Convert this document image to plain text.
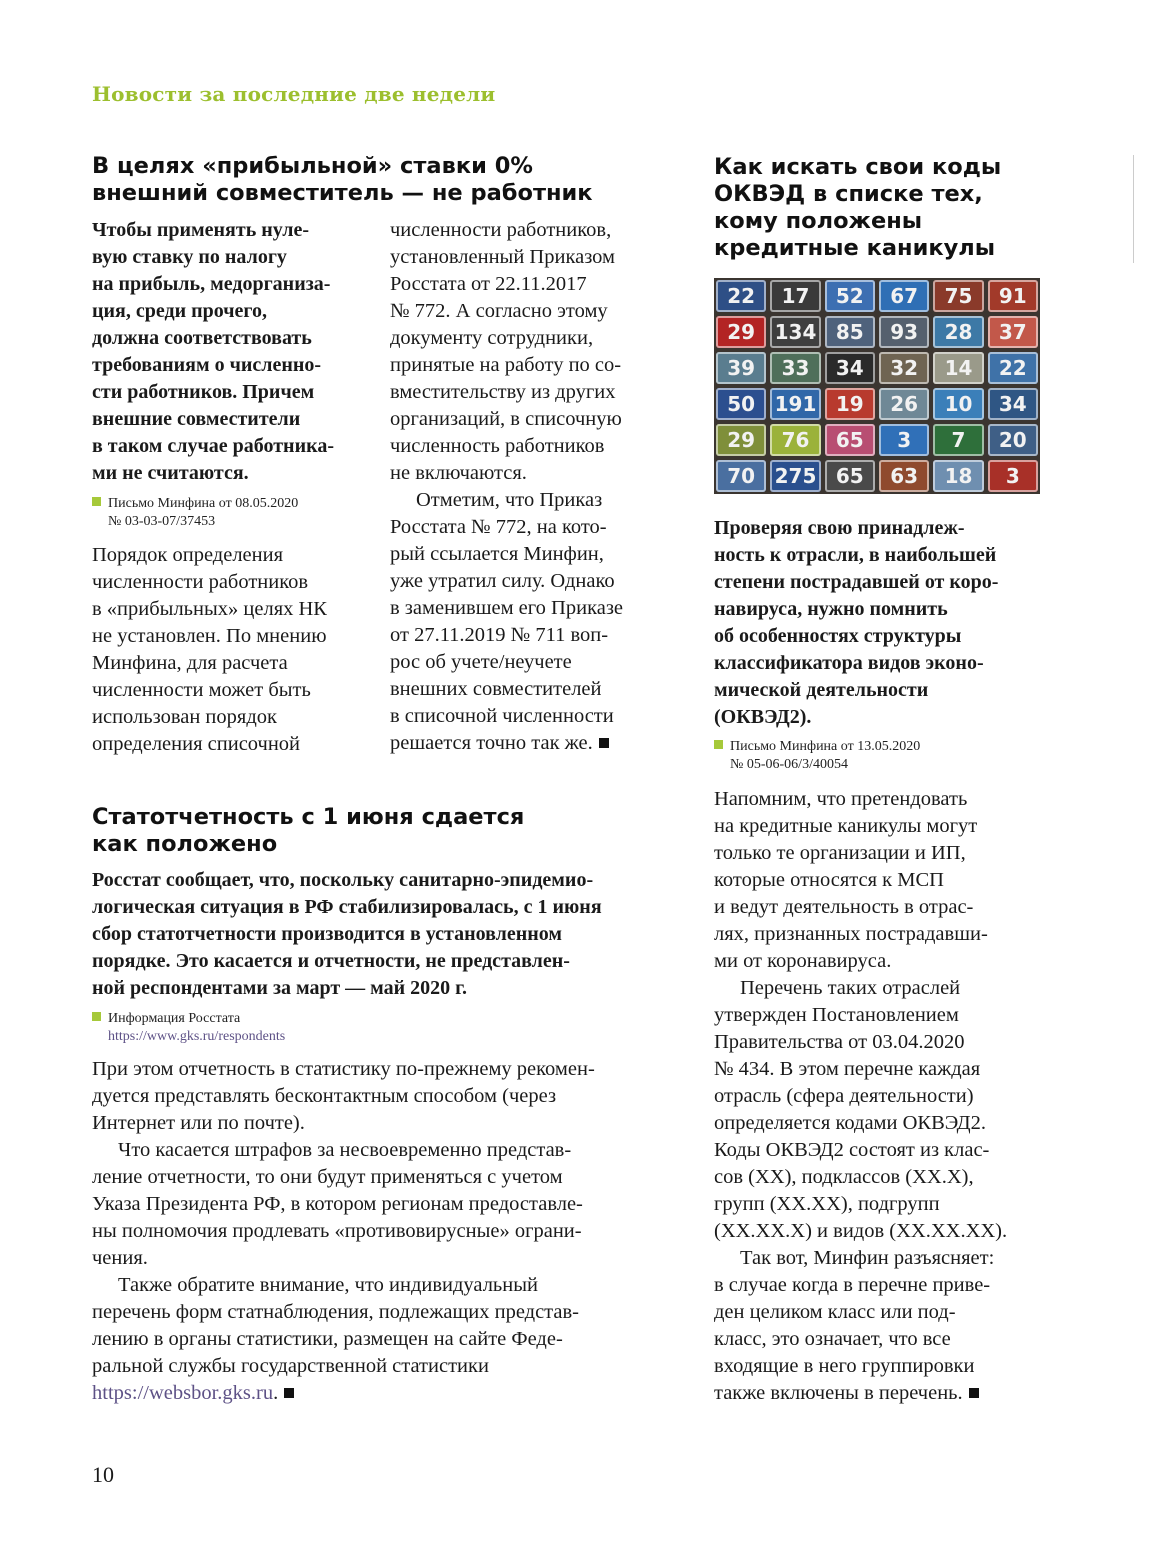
Новости за последние две недели
В целях «прибыльной» ставки 0%
внешний совместитель — не работник
Чтобы применять нуле-
вую ставку по налогу
на прибыль, медорганиза-
ция, среди прочего,
должна соответствовать
требованиям о численно-
сти работников. Причем
внешние совместители
в таком случае работника-
ми не считаются.
Письмо Минфина от 08.05.2020
№ 03-03-07/37453
Порядок определения
численности работников
в «прибыльных» целях НК
не установлен. По мнению
Минфина, для расчета
численности может быть
использован порядок
определения списочной
численности работников,
установленный Приказом
Росстата от 22.11.2017
№ 772. А согласно этому
документу сотрудники,
принятые на работу по со-
вместительству из других
организаций, в списочную
численность работников
не включаются.
Отметим, что Приказ
Росстата № 772, на кото-
рый ссылается Минфин,
уже утратил силу. Однако
в заменившем его Приказе
от 27.11.2019 № 711 воп-
рос об учете/неучете
внешних совместителей
в списочной численности
решается точно так же.
Статотчетность с 1 июня сдается
как положено
Росстат сообщает, что, поскольку санитарно-эпидемио-
логическая ситуация в РФ стабилизировалась, с 1 июня
сбор статотчетности производится в установленном
порядке. Это касается и отчетности, не представлен-
ной респондентами за март — май 2020 г.
Информация Росстата
https://www.gks.ru/respondents
При этом отчетность в статистику по-прежнему рекомен-
дуется представлять бесконтактным способом (через
Интернет или по почте).
Что касается штрафов за несвоевременно представ-
ление отчетности, то они будут применяться с учетом
Указа Президента РФ, в котором регионам предоставле-
ны полномочия продлевать «противовирусные» ограни-
чения.
Также обратите внимание, что индивидуальный
перечень форм статнаблюдения, подлежащих представ-
лению в органы статистики, размещен на сайте Феде-
ральной службы государственной статистики
https://websbor.gks.ru.
Как искать свои коды
ОКВЭД в списке тех,
кому положены
кредитные каникулы
22	17	52	67	75	91
29 134 85	93	28	37
39	33	34	32	14	22
50 191 19	26	10	34
29	76	65	3	7	20
70 275 65	63	18	3
Проверяя свою принадлеж-
ность к отрасли, в наибольшей
степени пострадавшей от коро-
навируса, нужно помнить
об особенностях структуры
классификатора видов эконо-
мической деятельности
(ОКВЭД2).
Письмо Минфина от 13.05.2020
№ 05-06-06/3/40054
Напомним, что претендовать
на кредитные каникулы могут
только те организации и ИП,
которые относятся к МСП
и ведут деятельность в отрас-
лях, признанных пострадавши-
ми от коронавируса.
Перечень таких отраслей
утвержден Постановлением
Правительства от 03.04.2020
№ 434. В этом перечне каждая
отрасль (сфера деятельности)
определяется кодами ОКВЭД2.
Коды ОКВЭД2 состоят из клас-
сов (ХХ), подклассов (ХХ.Х),
групп (ХХ.ХХ), подгрупп
(ХХ.ХХ.Х) и видов (ХХ.ХХ.ХХ).
Так вот, Минфин разъясняет:
в случае когда в перечне приве-
ден целиком класс или под-
класс, это означает, что все
входящие в него группировки
также включены в перечень.
10
